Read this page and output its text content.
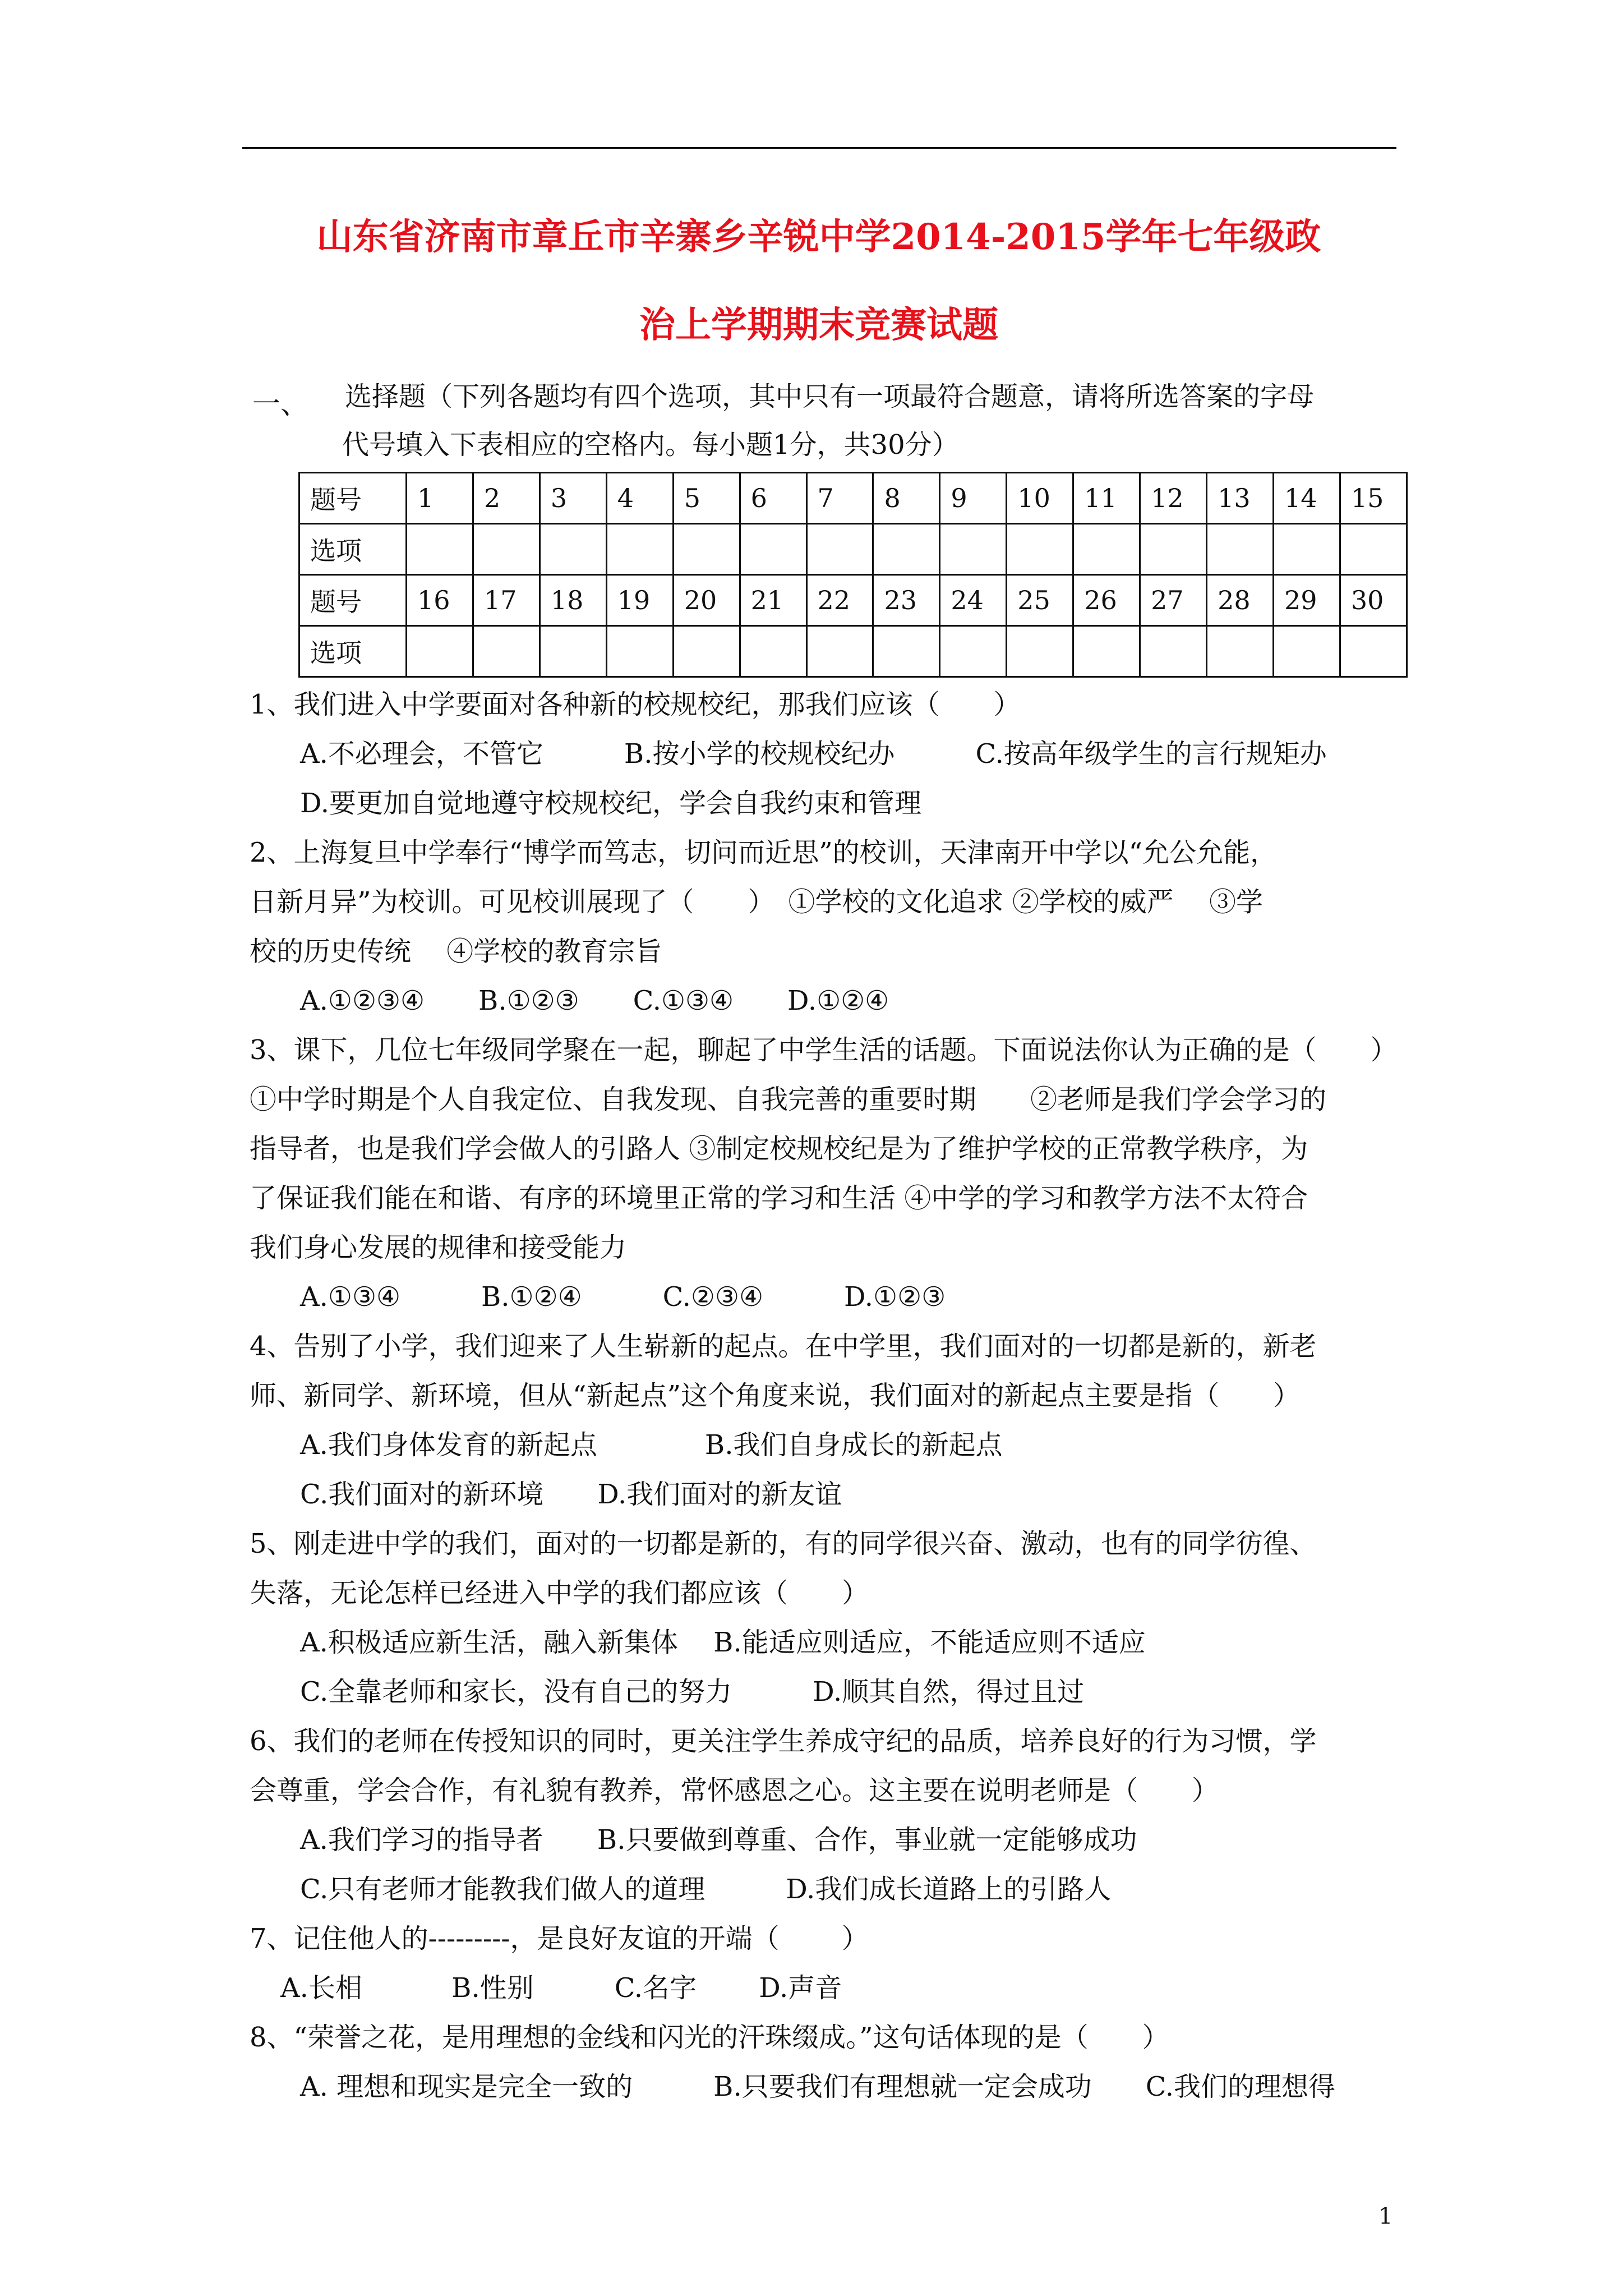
山东省济南市章丘市辛寨乡辛锐中学2014-2015学年七年级政
治上学期期末竞赛试题
一、 选择题（下列各题均有四个选项，其中只有一项最符合题意，请将所选答案的字母
代号填入下表相应的空格内。每小题1分，共30分）
题号	1	2	3	4	5	6	7	8	9	10	11	12	13	14	15
选项															
题号	16	17	18	19	20	21	22	23	24	25	26	27	28	29	30
选项															
1、我们进入中学要面对各种新的校规校纪，那我们应该（　　）
A.不必理会，不管它　　　B.按小学的校规校纪办　　　C.按高年级学生的言行规矩办
D.要更加自觉地遵守校规校纪，学会自我约束和管理
2、上海复旦中学奉行“博学而笃志，切问而近思”的校训，天津南开中学以“允公允能，
日新月异”为校训。可见校训展现了（　　）　①学校的文化追求 ②学校的威严　 ③学
校的历史传统　 ④学校的教育宗旨
A.①②③④　　B.①②③　　C.①③④　　D.①②④
3、课下，几位七年级同学聚在一起，聊起了中学生活的话题。下面说法你认为正确的是（　　）
①中学时期是个人自我定位、自我发现、自我完善的重要时期　　②老师是我们学会学习的
指导者，也是我们学会做人的引路人 ③制定校规校纪是为了维护学校的正常教学秩序，为
了保证我们能在和谐、有序的环境里正常的学习和生活 ④中学的学习和教学方法不太符合
我们身心发展的规律和接受能力
A.①③④　　　B.①②④　　　C.②③④　　　D.①②③
4、告别了小学，我们迎来了人生崭新的起点。在中学里，我们面对的一切都是新的，新老
师、新同学、新环境，但从“新起点”这个角度来说，我们面对的新起点主要是指（　　）
A.我们身体发育的新起点　　　　B.我们自身成长的新起点
C.我们面对的新环境　　D.我们面对的新友谊
5、刚走进中学的我们，面对的一切都是新的，有的同学很兴奋、激动，也有的同学彷徨、
失落，无论怎样已经进入中学的我们都应该（　　）
A.积极适应新生活，融入新集体　 B.能适应则适应，不能适应则不适应
C.全靠老师和家长，没有自己的努力　　　D.顺其自然，得过且过
6、我们的老师在传授知识的同时，更关注学生养成守纪的品质，培养良好的行为习惯，学
会尊重，学会合作，有礼貌有教养，常怀感恩之心。这主要在说明老师是（　　）
A.我们学习的指导者　　B.只要做到尊重、合作，事业就一定能够成功
C.只有老师才能教我们做人的道理　　　D.我们成长道路上的引路人
7、记住他人的---------，是良好友谊的开端（　　 ）
A.长相　　　 B.性别　　　C.名字　　 D.声音
8、“荣誉之花，是用理想的金线和闪光的汗珠缀成。”这句话体现的是（　　）
A. 理想和现实是完全一致的　　　B.只要我们有理想就一定会成功　　C.我们的理想得
1
